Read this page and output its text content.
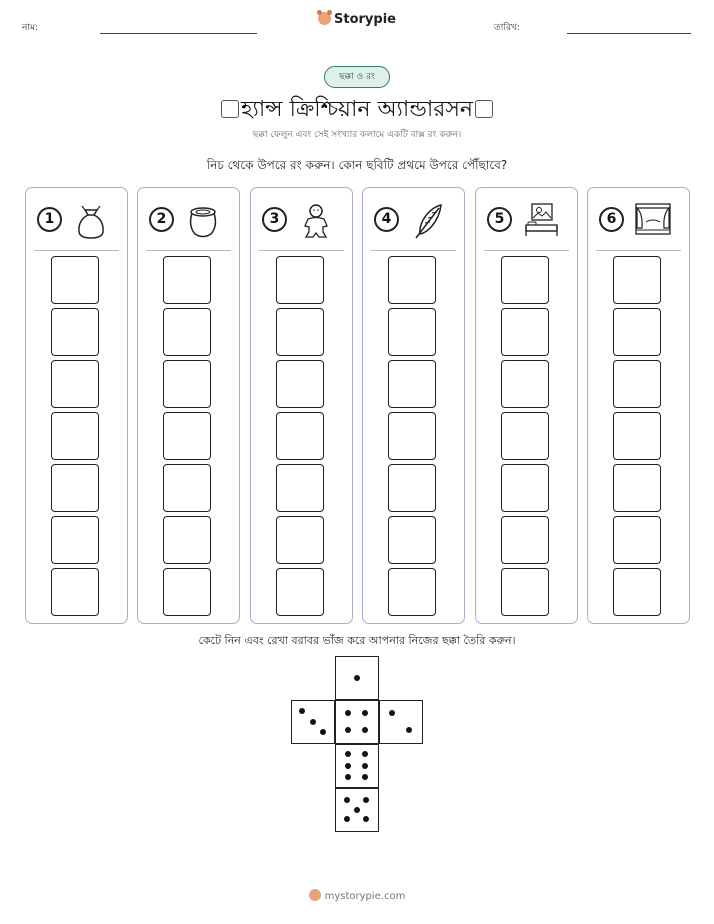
নাম:
Storypie
তারিখ:
ছক্কা ও রং
হ্যান্স ক্রিশ্চিয়ান অ্যান্ডারসন
ছক্কা ফেলুন এবং সেই সংখ্যার কলামে একটি বাক্স রং করুন।
নিচ থেকে উপরে রং করুন। কোন ছবিটি প্রথমে উপরে পৌঁছাবে?
1	2	3	4	5	6
কেটে নিন এবং রেখা বরাবর ভাঁজ করে আপনার নিজের ছক্কা তৈরি করুন।
mystorypie.com
